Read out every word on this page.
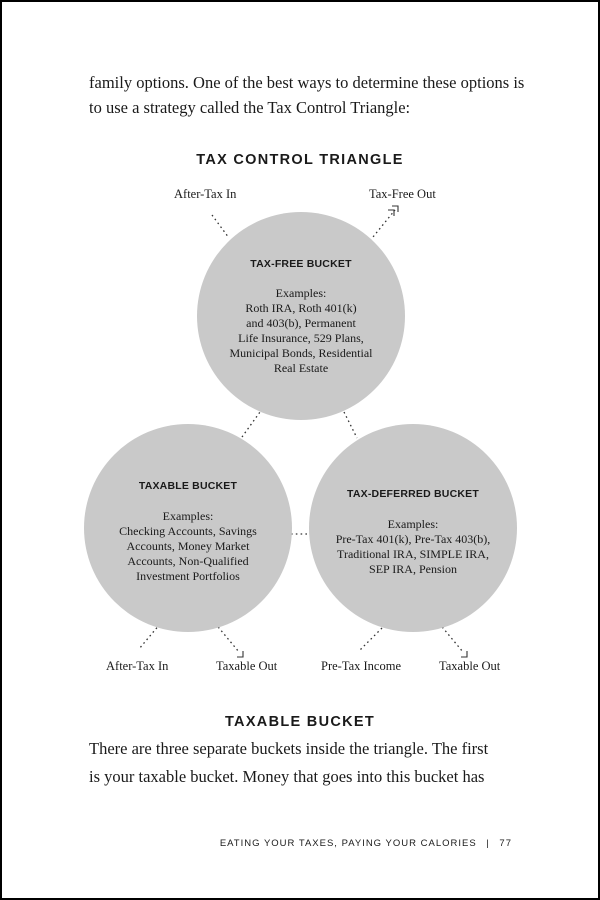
family options. One of the best ways to determine these options is

to use a strategy called the Tax Control Triangle:

TAX CONTROL TRIANGLE
After-Tax In	Tax-Free Out
After-Tax In	Taxable Out	Pre-Tax Income	Taxable Out
TAX-FREE BUCKET
Examples:
Roth IRA, Roth 401(k)
and 403(b), Permanent
Life Insurance, 529 Plans,
Municipal Bonds, Residential
Real Estate
TAXABLE BUCKET
Examples:
Checking Accounts, Savings
Accounts, Money Market
Accounts, Non-Qualified
Investment Portfolios
TAX-DEFERRED BUCKET
Examples:
Pre-Tax 401(k), Pre-Tax 403(b),
Traditional IRA, SIMPLE IRA,
SEP IRA, Pension
TAXABLE BUCKET

There are three separate buckets inside the triangle. The first

is your taxable bucket. Money that goes into this bucket has

EATING YOUR TAXES, PAYING YOUR CALORIES | 77
